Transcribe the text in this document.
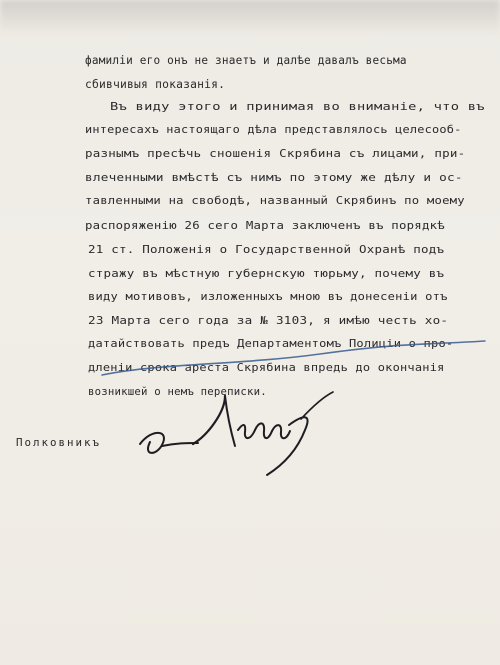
фамилiи его онъ не знаетъ и далѣе давалъ весьма
сбивчивыя показанiя.
Въ виду этого и принимая во вниманiе, что въ
интересахъ настоящаго дѣла представлялось целесооб-
разнымъ пресѣчь сношенiя Скрябина съ лицами, при-
влеченными вмѣстѣ съ нимъ по этому же дѣлу и ос-
тавленными на свободѣ, названный Скрябинъ по моему
распоряженiю 26 сего Марта заключенъ въ порядкѣ
21 ст. Положенiя о Государственной Охранѣ подъ
стражу въ мѣстную губернскую тюрьму, почему въ
виду мотивовъ, изложенныхъ мною въ донесенiи отъ
23 Марта сего года за № 3103, я имѣю честь хо-
датайствовать предъ Департаментомъ Полицiи о про-
дленiи срока ареста Скрябина впредь до окончанiя
возникшей о немъ переписки.
Полковникъ
